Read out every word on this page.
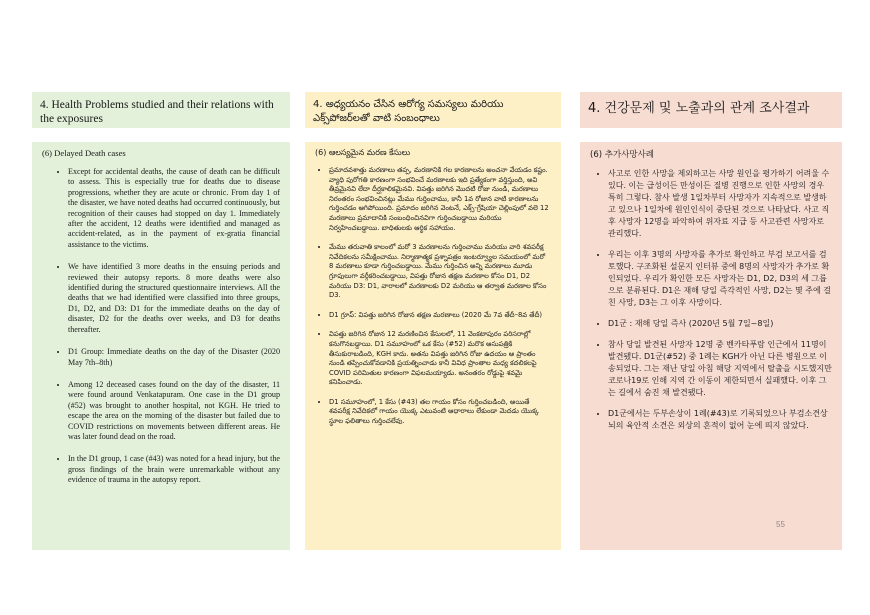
4. Health Problems studied and their relations with the exposures
(6) Delayed Death cases
• Except for accidental deaths, the cause of death can be difficult to assess. This is especially true for deaths due to disease progressions, whether they are acute or chronic. From day 1 of the disaster, we have noted deaths had occurred continuously, but recognition of their causes had stopped on day 1. Immediately after the accident, 12 deaths were identified and managed as accident-related, as in the payment of ex-gratia financial assistance to the victims.
• We have identified 3 more deaths in the ensuing periods and reviewed their autopsy reports. 8 more deaths were also identified during the structured questionnaire interviews. All the deaths that we had identified were classified into three groups, D1, D2, and D3: D1 for the immediate deaths on the day of disaster, D2 for the deaths over weeks, and D3 for deaths thereafter.
• D1 Group: Immediate deaths on the day of the Disaster (2020 May 7th–8th)
• Among 12 deceased cases found on the day of the disaster, 11 were found around Venkatapuram. One case in the D1 group (#52) was brought to another hospital, not KGH. He tried to escape the area on the morning of the disaster but failed due to COVID restrictions on movements between different areas. He was later found dead on the road.
• In the D1 group, 1 case (#43) was noted for a head injury, but the gross findings of the brain were unremarkable without any evidence of trauma in the autopsy report.
4. అధ్యయనం చేసిన ఆరోగ్య సమస్యలు మరియు ఎక్స్‌పోజర్‌లతో వాటి సంబంధాలు
(6) ఆలస్యమైన మరణ కేసులు
• ప్రమాదవశాత్తు మరణాలు తప్ప, మరణానికి గల కారణాలను అంచనా వేయడం కష్టం. వ్యాధి పురోగతి కారణంగా సంభవించే మరణాలకు ఇది ప్రత్యేకంగా వర్తిస్తుంది, అవి తీవ్రమైనవి లేదా దీర్ఘకాలికమైనవి. విపత్తు జరిగిన మొదటి రోజు నుండి, మరణాలు నిరంతరం సంభవించినట్లు మేము గుర్తించాము, కానీ 1వ రోజున వాటి కారణాలను గుర్తించడం ఆగిపోయింది. ప్రమాదం జరిగిన వెంటనే, ఎక్స్-గ్రేషియా చెల్లింపులో వలె 12 మరణాలు ప్రమాదానికి సంబంధించినవిగా గుర్తించబడ్డాయి మరియు నిర్వహించబడ్డాయి. బాధితులకు ఆర్థిక సహాయం.
• మేము తరువాతి కాలంలో మరో 3 మరణాలను గుర్తించాము మరియు వారి శవపరీక్ష నివేదికలను సమీక్షించాము. నిర్మాణాత్మక ప్రశ్నాపత్రం ఇంటర్వ్యూల సమయంలో మరో 8 మరణాలు కూడా గుర్తించబడ్డాయి. మేము గుర్తించిన అన్ని మరణాలు మూడు గ్రూపులుగా వర్గీకరించబడ్డాయి, విపత్తు రోజున తక్షణ మరణాల కోసం D1, D2 మరియు D3: D1, వారాలలో మరణాలకు D2 మరియు ఆ తర్వాత మరణాల కోసం D3.
• D1 గ్రూప్: విపత్తు జరిగిన రోజున తక్షణ మరణాలు (2020 మే 7వ తేదీ–8వ తేదీ)
• విపత్తు జరిగిన రోజున 12 మరణించిన కేసులలో, 11 వెంకటాపురం పరిసరాల్లో కనుగొనబడ్డాయి. D1 సమూహంలో ఒక కేసు (#52) మరొక ఆసుపత్రికి తీసుకురాబడింది, KGH కాదు. అతను విపత్తు జరిగిన రోజు ఉదయం ఆ ప్రాంతం నుండి తప్పించుకోవడానికి ప్రయత్నించాడు కానీ వివిధ ప్రాంతాల మధ్య కదలికలపై COVID పరిమితుల కారణంగా విఫలమయ్యాడు. అనంతరం రోడ్డుపై శవమై కనిపించాడు.
• D1 సమూహంలో, 1 కేసు (#43) తల గాయం కోసం గుర్తించబడింది, అయితే శవపరీక్ష నివేదికలో గాయం యొక్క ఎటువంటి ఆధారాలు లేకుండా మెదడు యొక్క స్థూల ఫలితాలు గుర్తించలేవు.
4. 건강문제 및 노출과의 관계 조사결과
(6) 추가사망사례
• 사고로 인한 사망을 제외하고는 사망 원인을 평가하기 어려울 수 있다. 이는 급성이든 만성이든 질병 진행으로 인한 사망의 경우 특히 그렇다. 참사 발생 1일차부터 사망자가 지속적으로 발생하고 있으나 1일차에 원인인식이 중단된 것으로 나타났다. 사고 직후 사망자 12명을 파악하여 위자료 지급 등 사고관련 사망자로 관리했다.
• 우리는 이후 3명의 사망자를 추가로 확인하고 부검 보고서를 검토했다. 구조화된 설문지 인터뷰 중에 8명의 사망자가 추가로 확인되었다. 우리가 확인한 모든 사망자는 D1, D2, D3의 세 그룹으로 분류된다. D1은 재해 당일 즉각적인 사망, D2는 몇 주에 걸친 사망, D3는 그 이후 사망이다.
• D1군 : 재해 당일 즉사 (2020년 5월 7일~8일)
• 참사 당일 발견된 사망자 12명 중 벤카타푸람 인근에서 11명이 발견됐다. D1군(#52) 중 1례는 KGH가 아닌 다른 병원으로 이송되었다. 그는 재난 당일 아침 해당 지역에서 탈출을 시도했지만 코로나19로 인해 지역 간 이동이 제한되면서 실패했다. 이후 그는 길에서 숨진 채 발견됐다.
• D1군에서는 두부손상이 1례(#43)로 기록되었으나 부검소견상 뇌의 육안적 소견은 외상의 흔적이 없어 눈에 띄지 않았다.
55
